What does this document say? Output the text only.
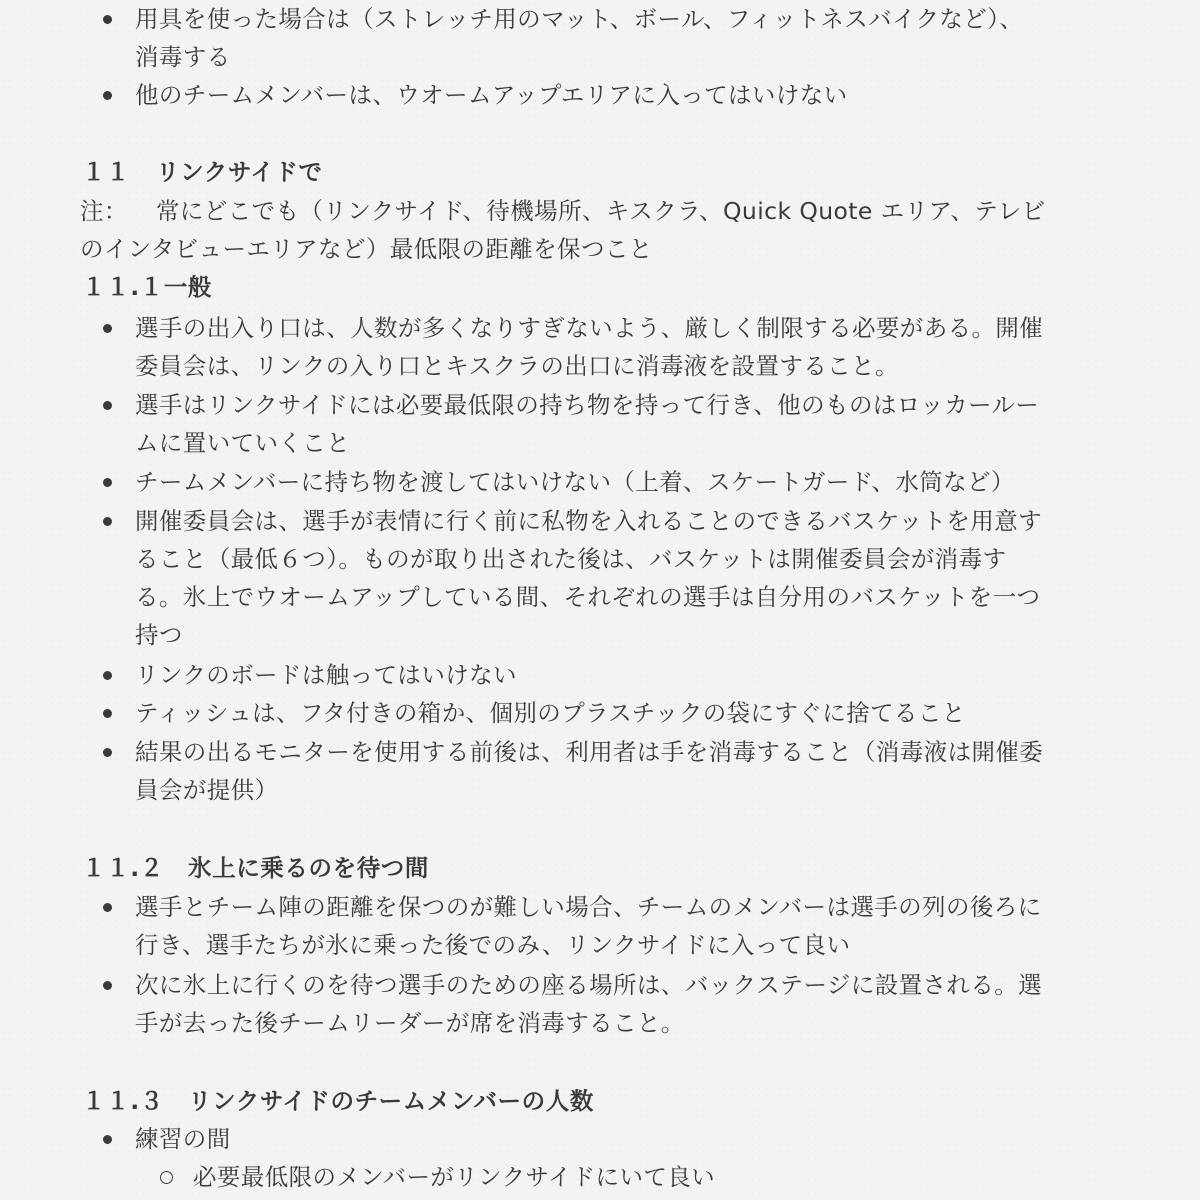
用具を使った場合は（ストレッチ用のマット、ボール、フィットネスバイクなど）、
消毒する
他のチームメンバーは、ウオームアップエリアに入ってはいけない
１１ リンクサイドで
注： 常にどこでも（リンクサイド、待機場所、キスクラ、Quick Quote エリア、テレビ
のインタビューエリアなど）最低限の距離を保つこと
１１.１一般
選手の出入り口は、人数が多くなりすぎないよう、厳しく制限する必要がある。開催
委員会は、リンクの入り口とキスクラの出口に消毒液を設置すること。
選手はリンクサイドには必要最低限の持ち物を持って行き、他のものはロッカールー
ムに置いていくこと
チームメンバーに持ち物を渡してはいけない（上着、スケートガード、水筒など）
開催委員会は、選手が表情に行く前に私物を入れることのできるバスケットを用意す
ること（最低６つ）。ものが取り出された後は、バスケットは開催委員会が消毒す
る。氷上でウオームアップしている間、それぞれの選手は自分用のバスケットを一つ
持つ
リンクのボードは触ってはいけない
ティッシュは、フタ付きの箱か、個別のプラスチックの袋にすぐに捨てること
結果の出るモニターを使用する前後は、利用者は手を消毒すること（消毒液は開催委
員会が提供）
１１.２ 氷上に乗るのを待つ間
選手とチーム陣の距離を保つのが難しい場合、チームのメンバーは選手の列の後ろに
行き、選手たちが氷に乗った後でのみ、リンクサイドに入って良い
次に氷上に行くのを待つ選手のための座る場所は、バックステージに設置される。選
手が去った後チームリーダーが席を消毒すること。
１１.３ リンクサイドのチームメンバーの人数
練習の間
必要最低限のメンバーがリンクサイドにいて良い
